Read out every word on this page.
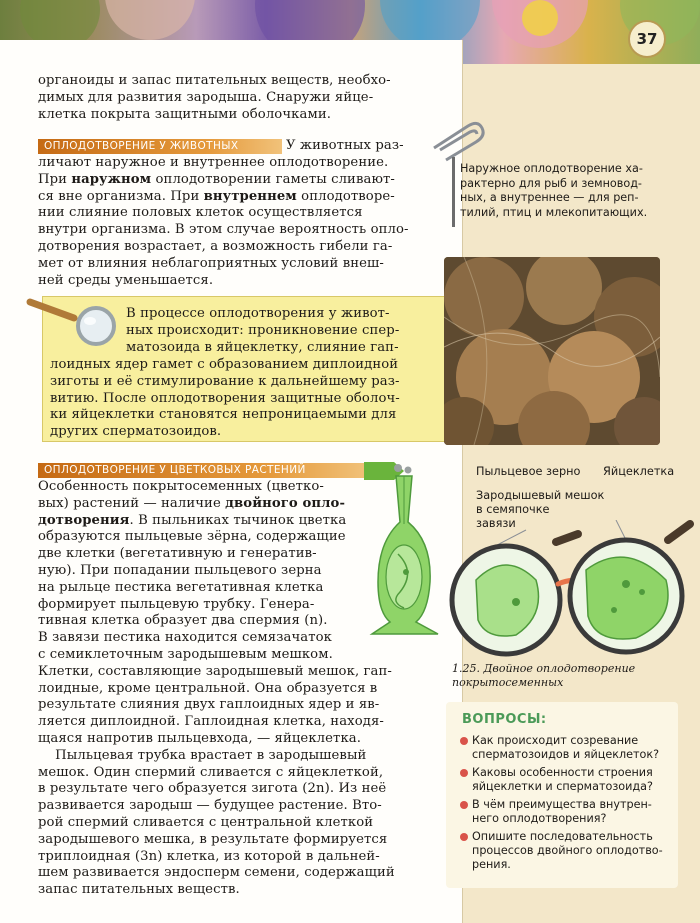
37
органоиды и запас питательных веществ, необхо-
димых для развития зародыша. Снаружи яйцe-
клетка покрыта защитными оболочками.
ОПЛОДОТВОРЕНИЕ У ЖИВОТНЫХ	У животных раз-
личают наружное и внутреннее оплодотворение.
При наружном оплодотворении гаметы сливают-
ся вне организма. При внутреннем оплодотворе-
нии слияние половых клеток осуществляется
внутри организма. В этом случае вероятность опло-
дотворения возрастает, а возможность гибели га-
мет от влияния неблагоприятных условий внеш-
ней среды уменьшается.
В процессе оплодотворения у живот-
ных происходит: проникновение спер-
матозоида в яйцеклетку, слияние гап-
лоидных ядер гамет с образованием диплоидной
зиготы и её стимулирование к дальнейшему раз-
витию. После оплодотворения защитные оболоч-
ки яйцеклетки становятся непроницаемыми для
других сперматозоидов.
Наружное оплодотворение ха-
рактерно для рыб и земновод-
ных, а внутреннее — для реп-
тилий, птиц и млекопитающих.
ОПЛОДОТВОРЕНИЕ У ЦВЕТКОВЫХ РАСТЕНИЙ
Особенность покрытосеменных (цветко-
вых) растений — наличие двойного опло-
дотворения. В пыльниках тычинок цветка
образуются пыльцевые зёрна, содержащие
две клетки (вегетативную и генератив-
ную). При попадании пыльцевого зерна
на рыльце пестика вегетативная клетка
формирует пыльцевую трубку. Генера-
тивная клетка образует два спермия (n).
В завязи пестика находится семязачаток
с семиклеточным зародышевым мешком.
Клетки, составляющие зародышевый мешок, гап-
лоидные, кроме центральной. Она образуется в
результате слияния двух гаплоидных ядер и яв-
ляется диплоидной. Гаплоидная клетка, находя-
щаяся напротив пыльцевхода, — яйцеклетка.
Пыльцевая трубка врастает в зародышевый
мешок. Один спермий сливается с яйцеклеткой,
в результате чего образуется зигота (2n). Из неё
развивается зародыш — будущее растение. Вто-
рой спермий сливается с центральной клеткой
зародышевого мешка, в результате формируется
триплоидная (3n) клетка, из которой в дальней-
шем развивается эндосперм семени, содержащий
запас питательных веществ.
Пыльцевое зерно Яйцеклетка
Зародышевый мешок
в семяпочке
завязи
1.25. Двойное оплодотворение
покрытосеменных
ВОПРОСЫ:
Как происходит созревание
сперматозоидов и яйцеклеток?
Каковы особенности строения
яйцеклетки и сперматозоида?
В чём преимущества внутрен-
него оплодотворения?
Опишите последовательность
процессов двойного оплодотво-
рения.
